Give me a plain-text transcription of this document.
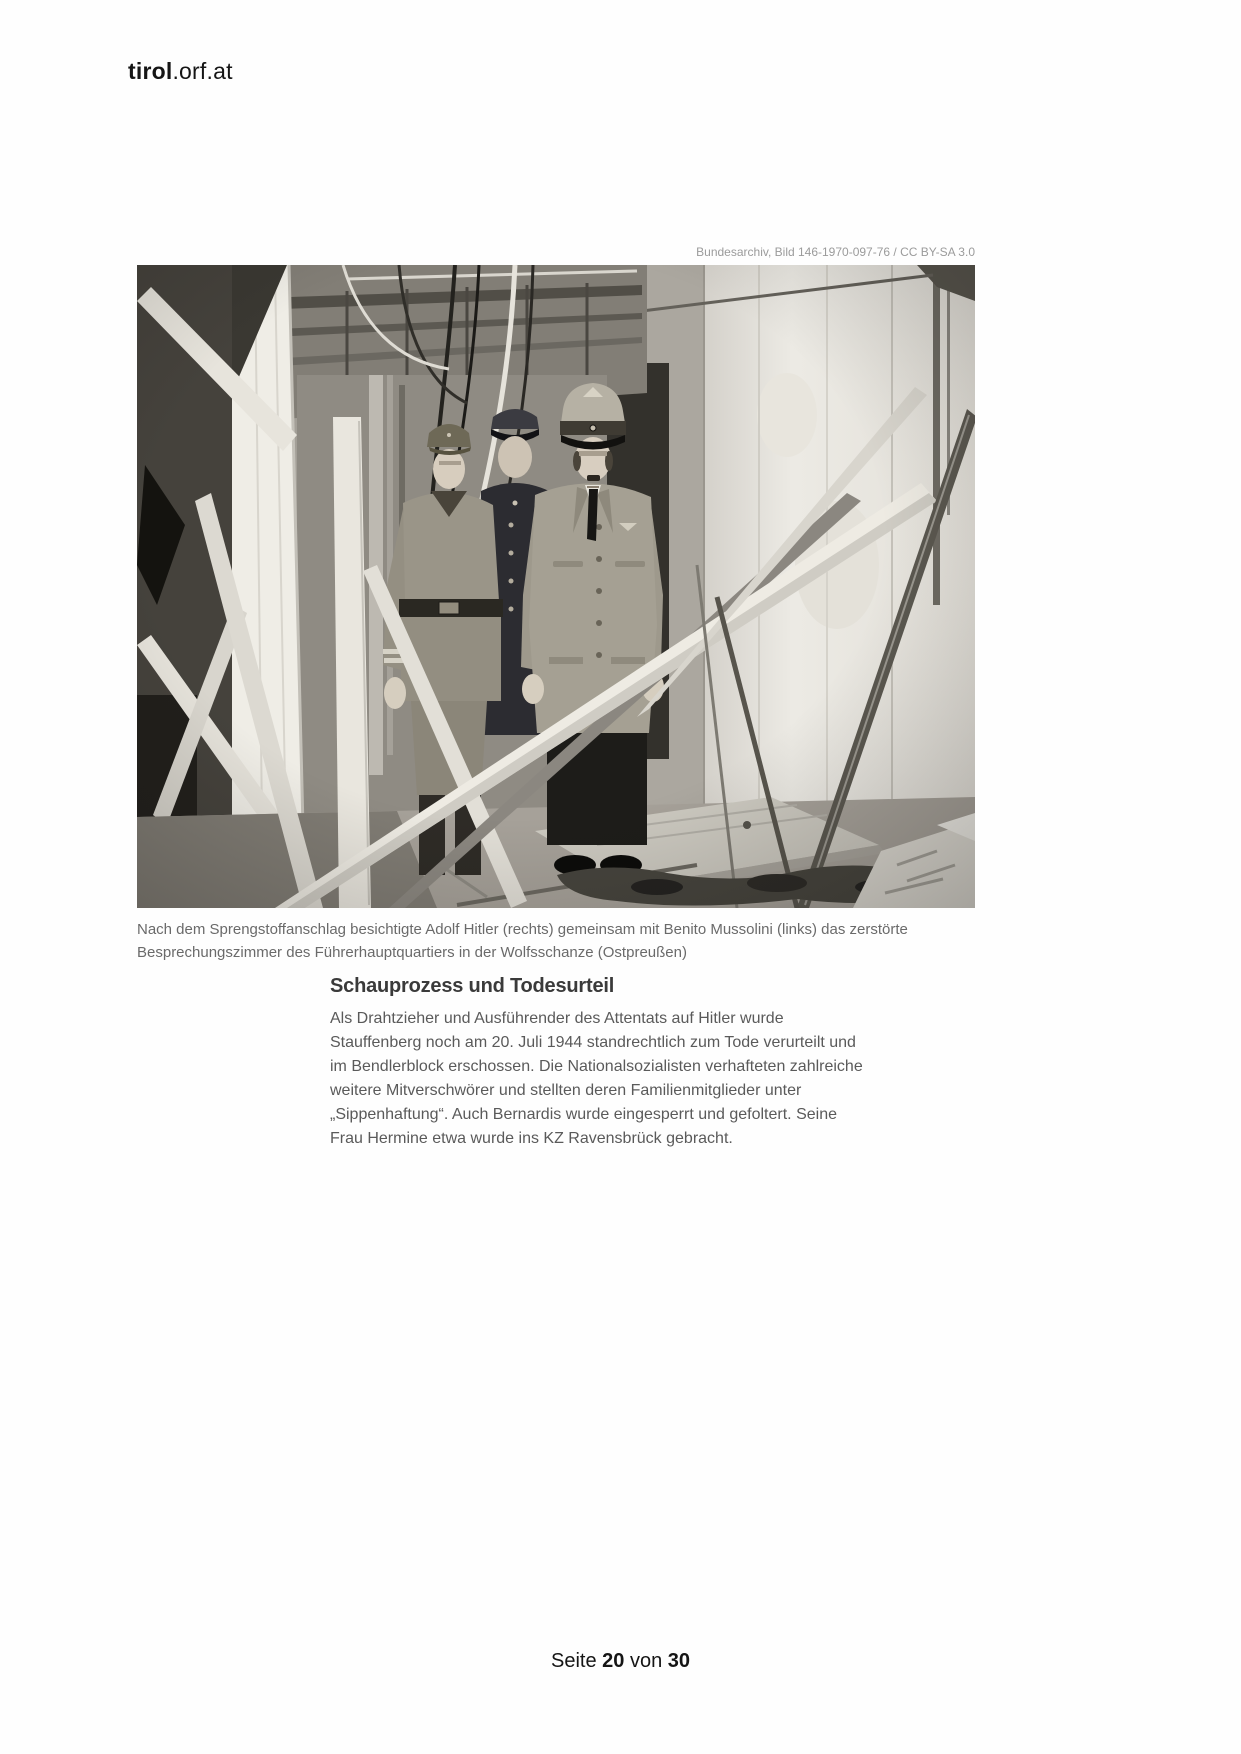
tirol.orf.at
Bundesarchiv, Bild 146-1970-097-76 / CC BY-SA 3.0
Nach dem Sprengstoffanschlag besichtigte Adolf Hitler (rechts) gemeinsam mit Benito Mussolini (links) das zerstörte Besprechungszimmer des Führerhauptquartiers in der Wolfsschanze (Ostpreußen)
Schauprozess und Todesurteil

Als Drahtzieher und Ausführender des Attentats auf Hitler wurde Stauffenberg noch am 20. Juli 1944 standrechtlich zum Tode verurteilt und im Bendlerblock erschossen. Die Nationalsozialisten verhafteten zahlreiche weitere Mitverschwörer und stellten deren Familienmitglieder unter „Sippenhaftung“. Auch Bernardis wurde eingesperrt und gefoltert. Seine Frau Hermine etwa wurde ins KZ Ravensbrück gebracht.

Seite 20 von 30
